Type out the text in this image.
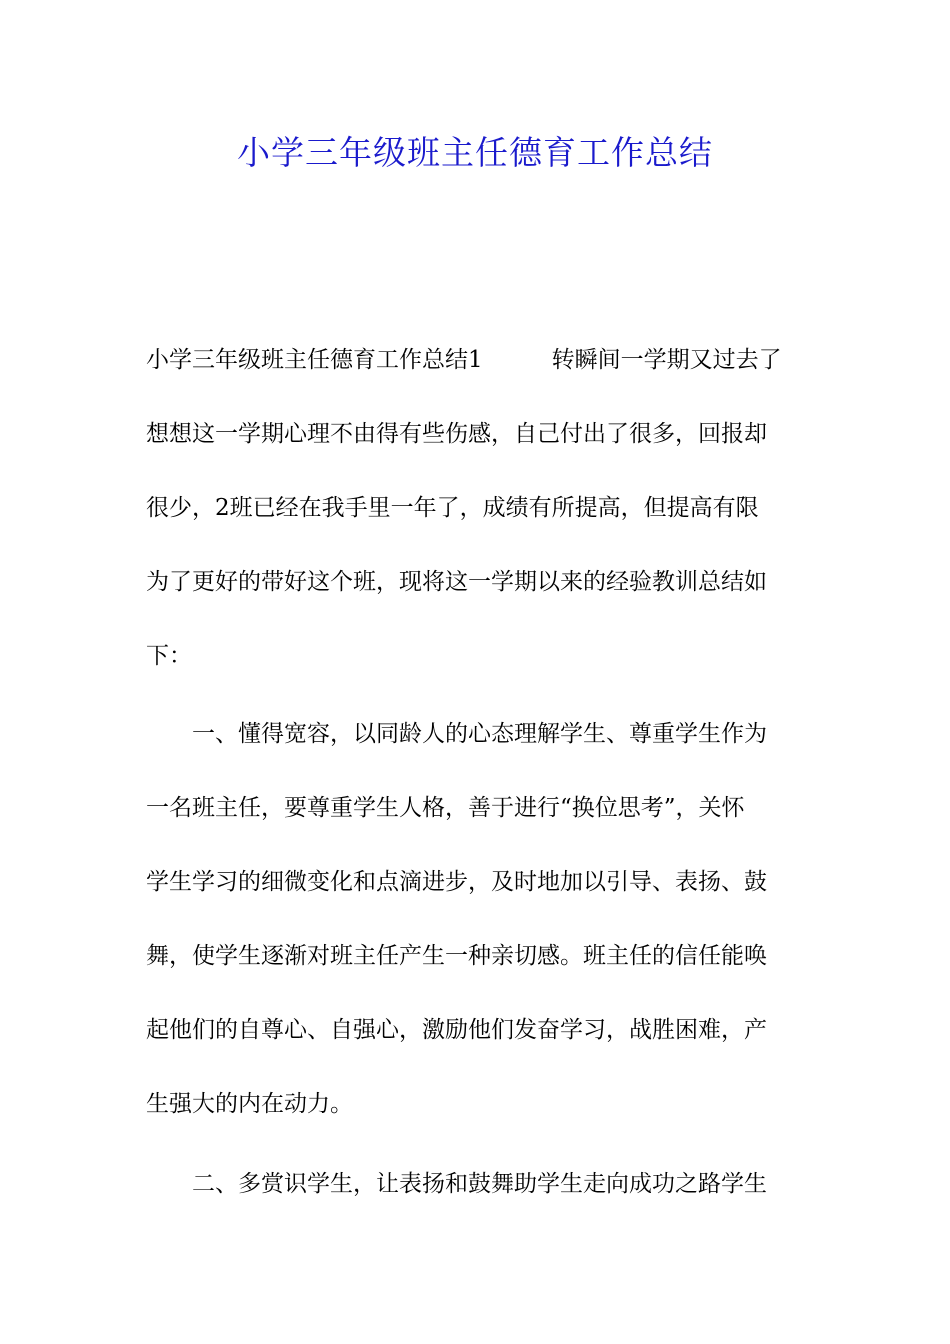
小学三年级班主任德育工作总结
小学三年级班主任德育工作总结1　　　转瞬间一学期又过去了
想想这一学期心理不由得有些伤感，自己付出了很多，回报却
很少，2班已经在我手里一年了，成绩有所提高，但提高有限
为了更好的带好这个班，现将这一学期以来的经验教训总结如
下：
一、懂得宽容，以同龄人的心态理解学生、尊重学生作为
一名班主任，要尊重学生人格，善于进行“换位思考”，关怀
学生学习的细微变化和点滴进步，及时地加以引导、表扬、鼓
舞，使学生逐渐对班主任产生一种亲切感。班主任的信任能唤
起他们的自尊心、自强心，激励他们发奋学习，战胜困难，产
生强大的内在动力。
二、多赏识学生，让表扬和鼓舞助学生走向成功之路学生
